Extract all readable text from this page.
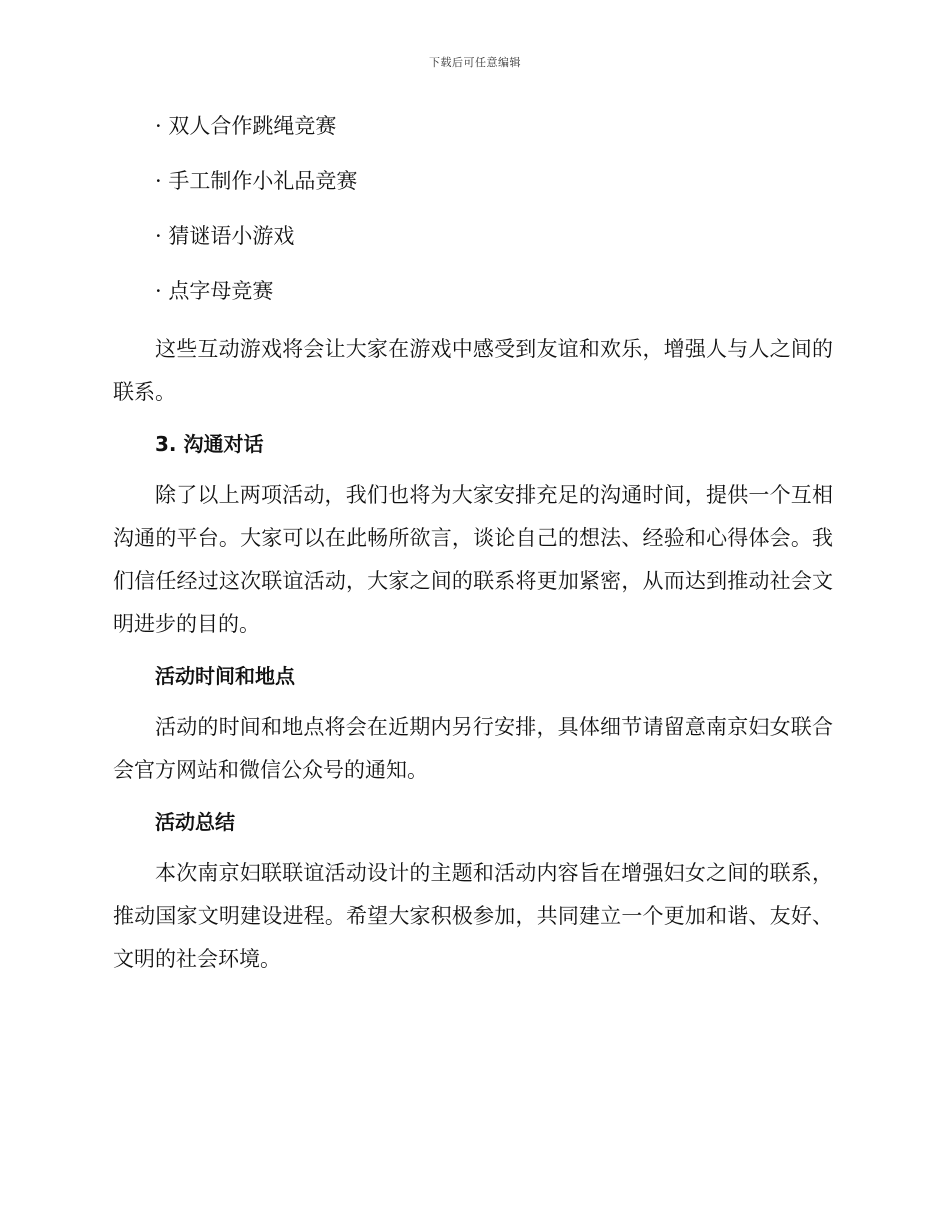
下载后可任意编辑
· 双人合作跳绳竞赛
· 手工制作小礼品竞赛
· 猜谜语小游戏
· 点字母竞赛

这些互动游戏将会让大家在游戏中感受到友谊和欢乐，增强人与人之间的联系。

3. 沟通对话

除了以上两项活动，我们也将为大家安排充足的沟通时间，提供一个互相沟通的平台。大家可以在此畅所欲言，谈论自己的想法、经验和心得体会。我们信任经过这次联谊活动，大家之间的联系将更加紧密，从而达到推动社会文明进步的目的。

活动时间和地点

活动的时间和地点将会在近期内另行安排，具体细节请留意南京妇女联合会官方网站和微信公众号的通知。

活动总结

本次南京妇联联谊活动设计的主题和活动内容旨在增强妇女之间的联系，推动国家文明建设进程。希望大家积极参加，共同建立一个更加和谐、友好、文明的社会环境。
